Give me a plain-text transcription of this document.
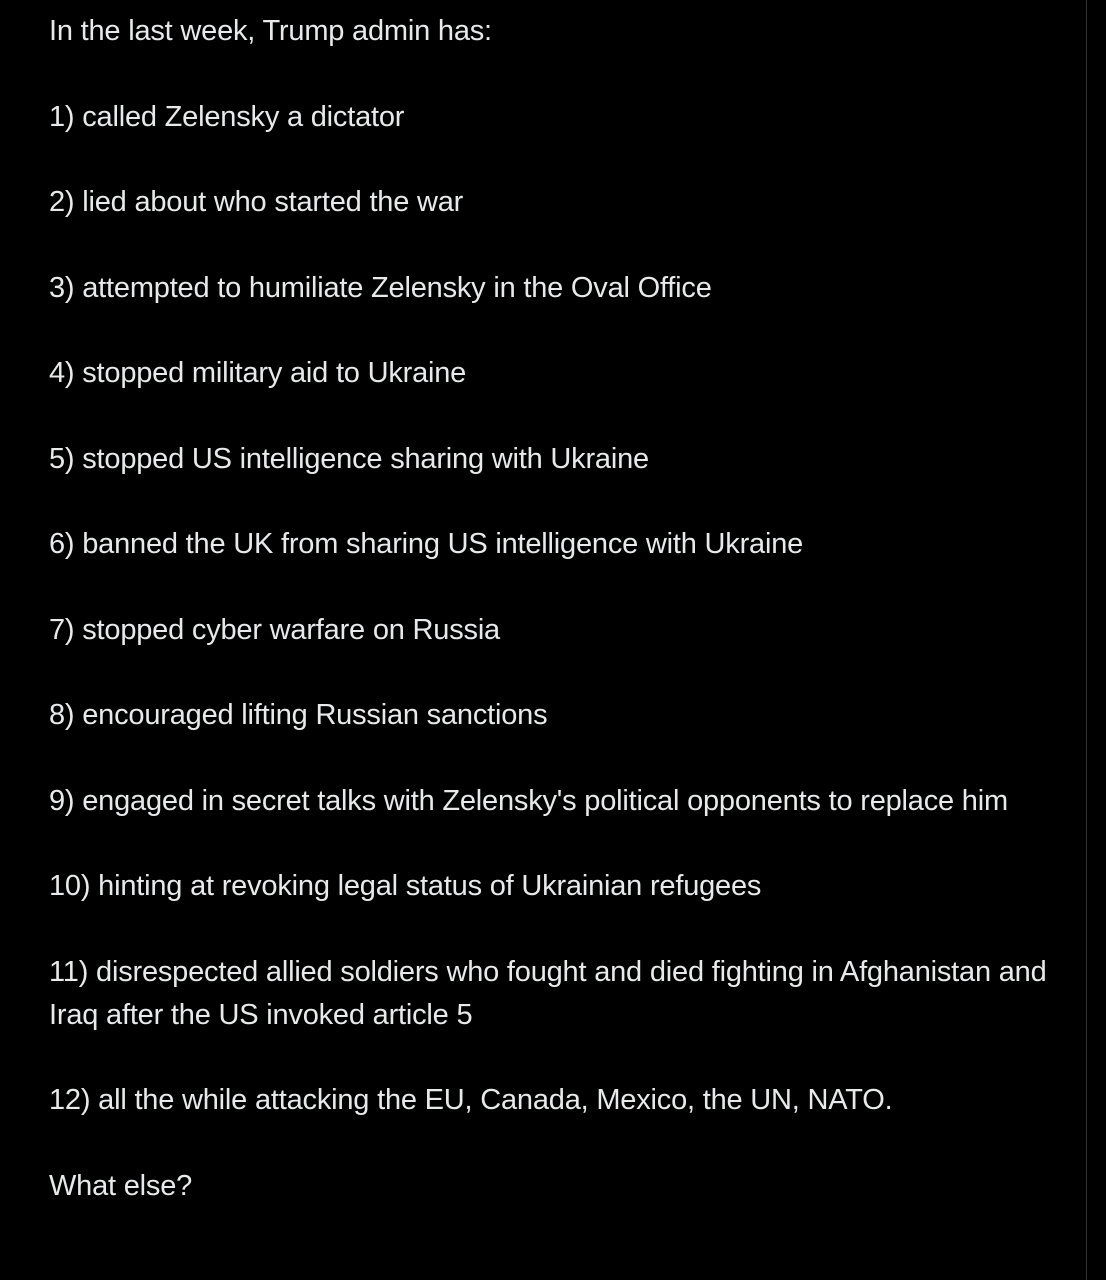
In the last week, Trump admin has:

1) called Zelensky a dictator

2) lied about who started the war

3) attempted to humiliate Zelensky in the Oval Office

4) stopped military aid to Ukraine

5) stopped US intelligence sharing with Ukraine

6) banned the UK from sharing US intelligence with Ukraine

7) stopped cyber warfare on Russia

8) encouraged lifting Russian sanctions

9) engaged in secret talks with Zelensky's political opponents to replace him

10) hinting at revoking legal status of Ukrainian refugees

11) disrespected allied soldiers who fought and died fighting in Afghanistan and Iraq after the US invoked article 5

12) all the while attacking the EU, Canada, Mexico, the UN, NATO.

What else?
